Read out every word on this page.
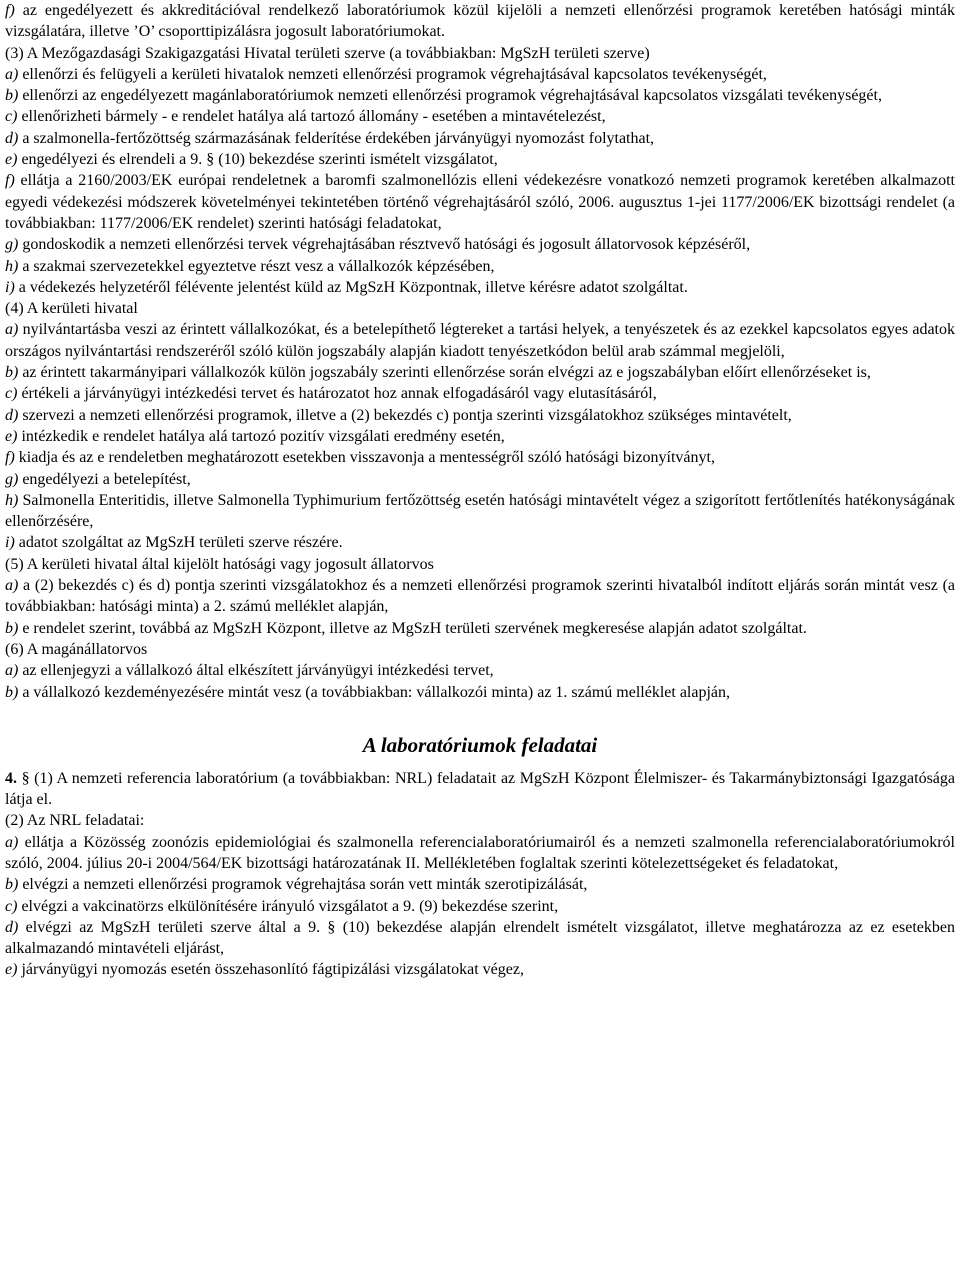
f) az engedélyezett és akkreditációval rendelkező laboratóriumok közül kijelöli a nemzeti ellenőrzési programok keretében hatósági minták vizsgálatára, illetve ’O’ csoporttipizálásra jogosult laboratóriumokat.

(3) A Mezőgazdasági Szakigazgatási Hivatal területi szerve (a továbbiakban: MgSzH területi szerve)

a) ellenőrzi és felügyeli a kerületi hivatalok nemzeti ellenőrzési programok végrehajtásával kapcsolatos tevékenységét,

b) ellenőrzi az engedélyezett magánlaboratóriumok nemzeti ellenőrzési programok végrehajtásával kapcsolatos vizsgálati tevékenységét,

c) ellenőrizheti bármely - e rendelet hatálya alá tartozó állomány - esetében a mintavételezést,

d) a szalmonella-fertőzöttség származásának felderítése érdekében járványügyi nyomozást folytathat,

e) engedélyezi és elrendeli a 9. § (10) bekezdése szerinti ismételt vizsgálatot,

f) ellátja a 2160/2003/EK európai rendeletnek a baromfi szalmonellózis elleni védekezésre vonatkozó nemzeti programok keretében alkalmazott egyedi védekezési módszerek követelményei tekintetében történő végrehajtásáról szóló, 2006. augusztus 1-jei 1177/2006/EK bizottsági rendelet (a továbbiakban: 1177/2006/EK rendelet) szerinti hatósági feladatokat,

g) gondoskodik a nemzeti ellenőrzési tervek végrehajtásában résztvevő hatósági és jogosult állatorvosok képzéséről,

h) a szakmai szervezetekkel egyeztetve részt vesz a vállalkozók képzésében,

i) a védekezés helyzetéről félévente jelentést küld az MgSzH Központnak, illetve kérésre adatot szolgáltat.

(4) A kerületi hivatal

a) nyilvántartásba veszi az érintett vállalkozókat, és a betelepíthető légtereket a tartási helyek, a tenyészetek és az ezekkel kapcsolatos egyes adatok országos nyilvántartási rendszeréről szóló külön jogszabály alapján kiadott tenyészetkódon belül arab számmal megjelöli,

b) az érintett takarmányipari vállalkozók külön jogszabály szerinti ellenőrzése során elvégzi az e jogszabályban előírt ellenőrzéseket is,

c) értékeli a járványügyi intézkedési tervet és határozatot hoz annak elfogadásáról vagy elutasításáról,

d) szervezi a nemzeti ellenőrzési programok, illetve a (2) bekezdés c) pontja szerinti vizsgálatokhoz szükséges mintavételt,

e) intézkedik e rendelet hatálya alá tartozó pozitív vizsgálati eredmény esetén,

f) kiadja és az e rendeletben meghatározott esetekben visszavonja a mentességről szóló hatósági bizonyítványt,

g) engedélyezi a betelepítést,

h) Salmonella Enteritidis, illetve Salmonella Typhimurium fertőzöttség esetén hatósági mintavételt végez a szigorított fertőtlenítés hatékonyságának ellenőrzésére,

i) adatot szolgáltat az MgSzH területi szerve részére.

(5) A kerületi hivatal által kijelölt hatósági vagy jogosult állatorvos

a) a (2) bekezdés c) és d) pontja szerinti vizsgálatokhoz és a nemzeti ellenőrzési programok szerinti hivatalból indított eljárás során mintát vesz (a továbbiakban: hatósági minta) a 2. számú melléklet alapján,

b) e rendelet szerint, továbbá az MgSzH Központ, illetve az MgSzH területi szervének megkeresése alapján adatot szolgáltat.

(6) A magánállatorvos

a) az ellenjegyzi a vállalkozó által elkészített járványügyi intézkedési tervet,

b) a vállalkozó kezdeményezésére mintát vesz (a továbbiakban: vállalkozói minta) az 1. számú melléklet alapján,

A laboratóriumok feladatai

4. § (1) A nemzeti referencia laboratórium (a továbbiakban: NRL) feladatait az MgSzH Központ Élelmiszer- és Takarmánybiztonsági Igazgatósága látja el.

(2) Az NRL feladatai:

a) ellátja a Közösség zoonózis epidemiológiai és szalmonella referencialaboratóriumairól és a nemzeti szalmonella referencialaboratóriumokról szóló, 2004. július 20-i 2004/564/EK bizottsági határozatának II. Mellékletében foglaltak szerinti kötelezettségeket és feladatokat,

b) elvégzi a nemzeti ellenőrzési programok végrehajtása során vett minták szerotipizálását,

c) elvégzi a vakcinatörzs elkülönítésére irányuló vizsgálatot a 9. (9) bekezdése szerint,

d) elvégzi az MgSzH területi szerve által a 9. § (10) bekezdése alapján elrendelt ismételt vizsgálatot, illetve meghatározza az ez esetekben alkalmazandó mintavételi eljárást,

e) járványügyi nyomozás esetén összehasonlító fágtipizálási vizsgálatokat végez,
